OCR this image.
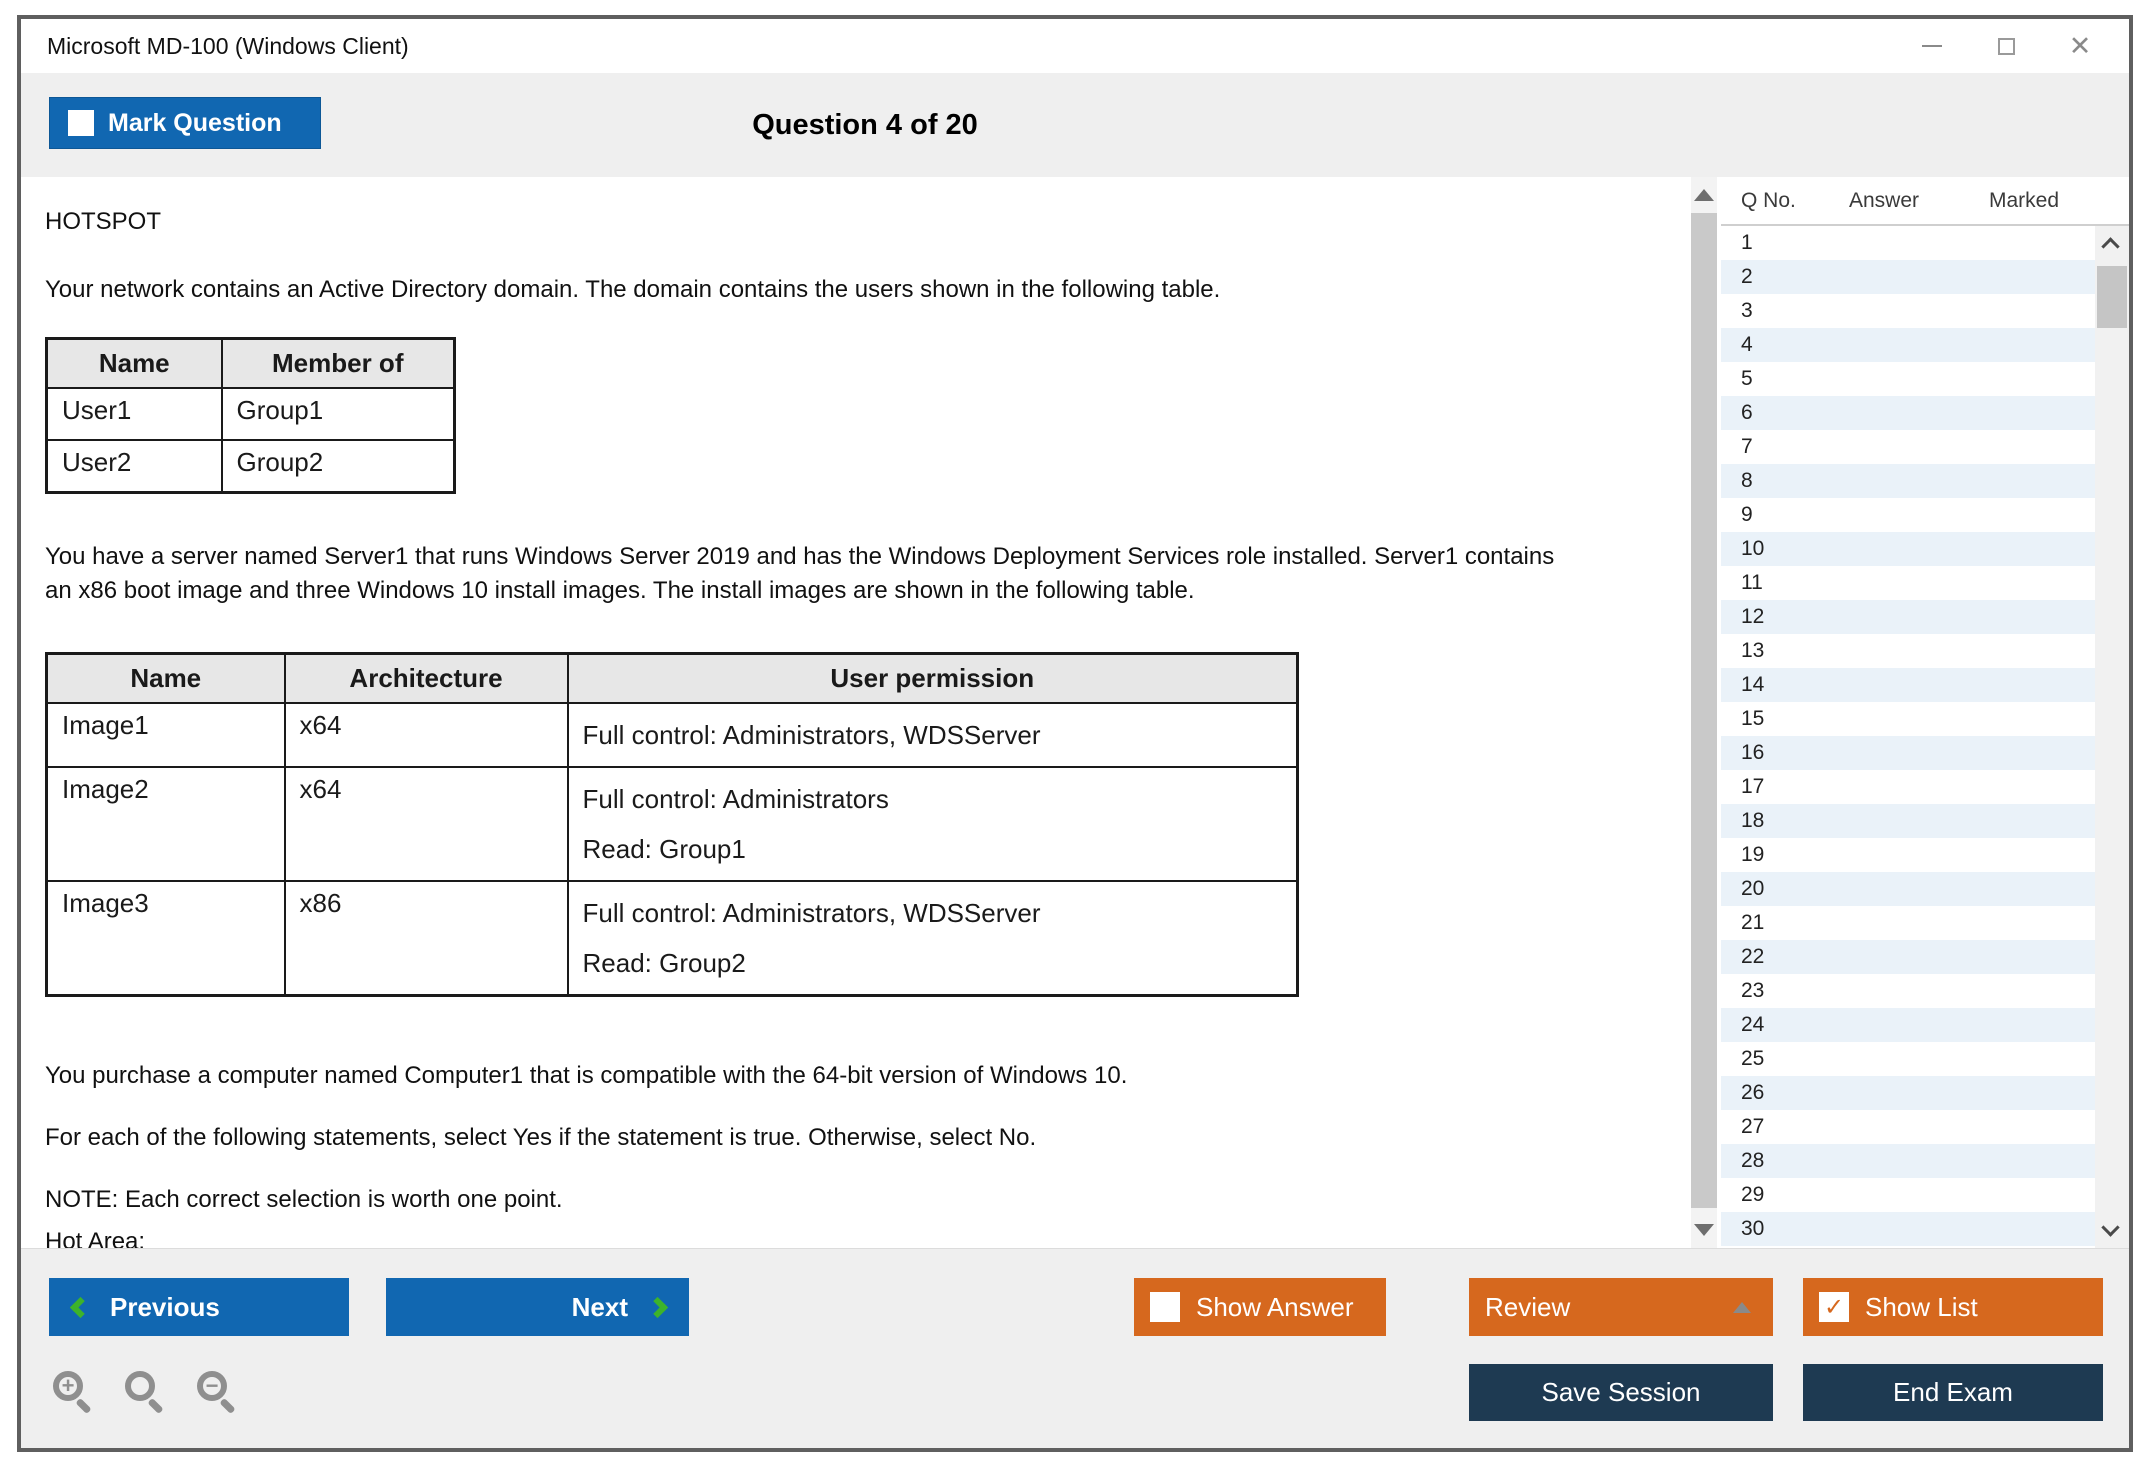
Microsoft MD-100 (Windows Client)	✕
Mark Question	Question 4 of 20
HOTSPOT
Your network contains an Active Directory domain. The domain contains the users shown in the following table.
Name	Member of
User1	Group1
User2	Group2
You have a server named Server1 that runs Windows Server 2019 and has the Windows Deployment Services role installed. Server1 contains an x86 boot image and three Windows 10 install images. The install images are shown in the following table.
Name	Architecture	User permission
Image1	x64	Full control: Administrators, WDSServer

Image2	x64	Full control: Administrators
Read: Group1

Image3	x86	Full control: Administrators, WDSServer
Read: Group2
You purchase a computer named Computer1 that is compatible with the 64-bit version of Windows 10.
For each of the following statements, select Yes if the statement is true. Otherwise, select No.
NOTE: Each correct selection is worth one point.
Hot Area:
Q No.	Answer	Marked
1
2
3
4
5
6
7
8
9
10
11
12
13
14
15
16
17
18
19
20
21
22
23
24
25
26
27
28
29
30
Previous	Next
+	−
Show Answer	Review	✓ Show List
Save Session	End Exam
